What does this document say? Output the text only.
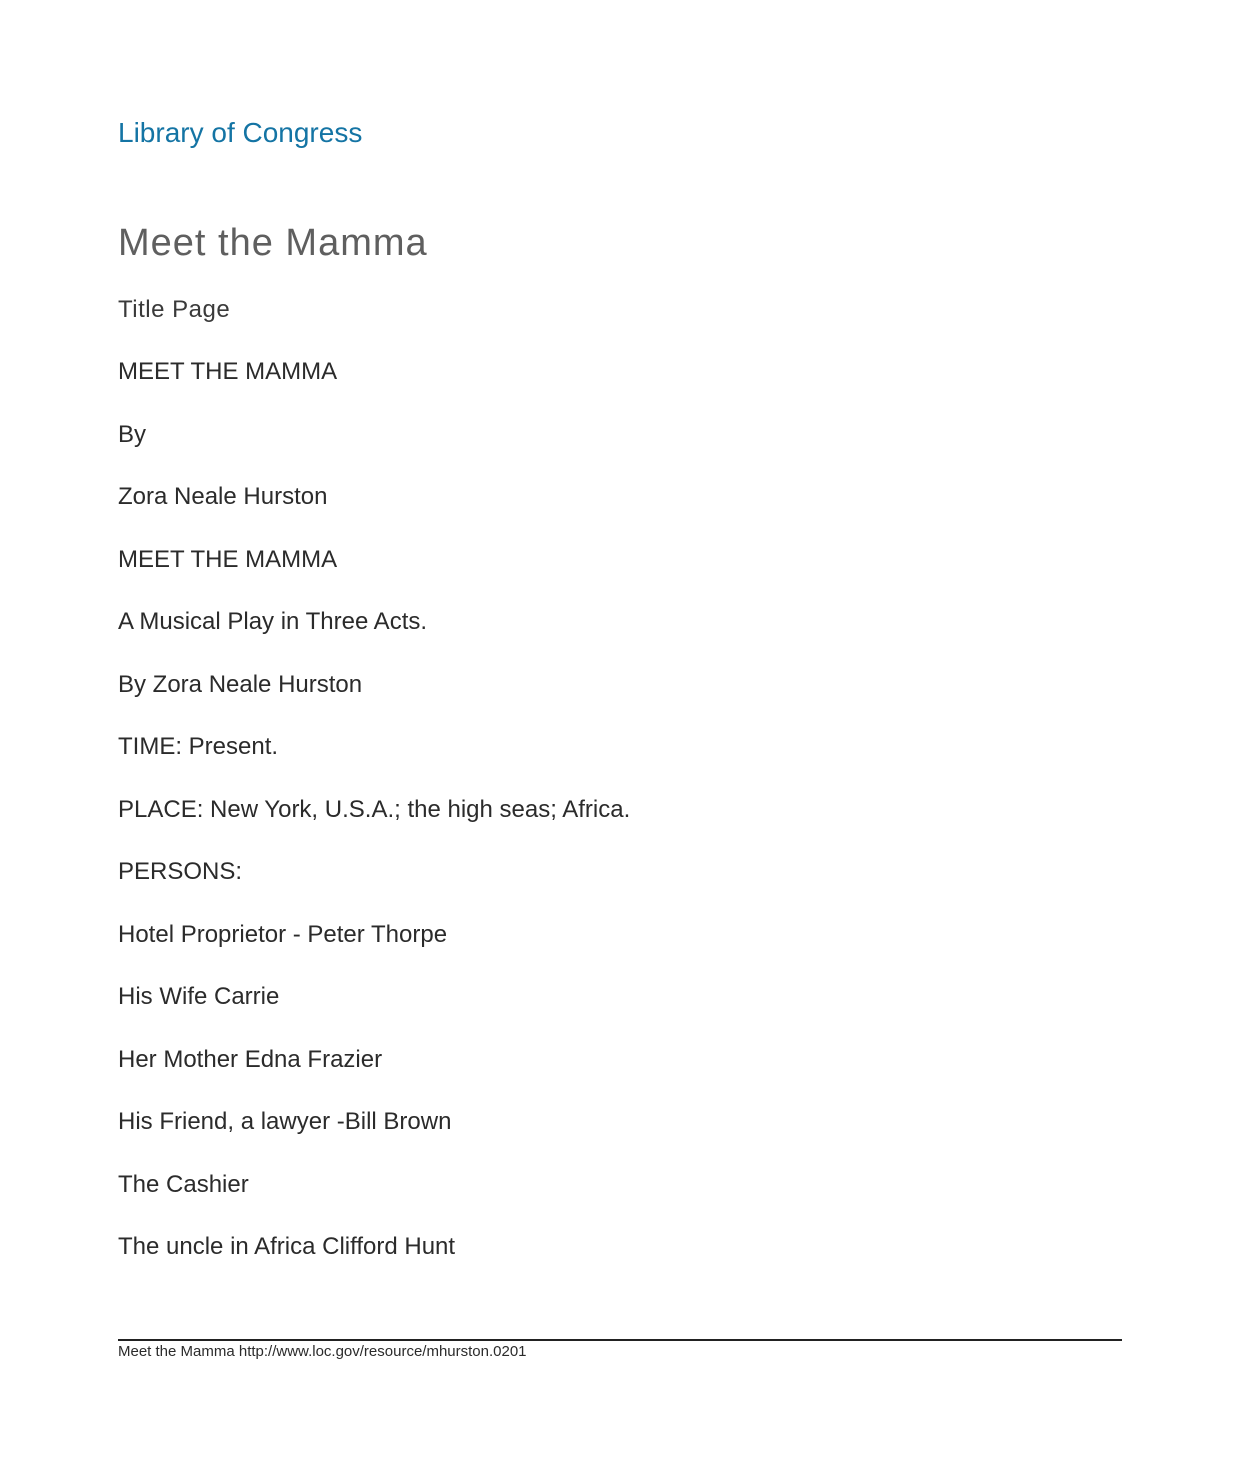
Library of Congress
Meet the Mamma
Title Page
MEET THE MAMMA
By
Zora Neale Hurston
MEET THE MAMMA
A Musical Play in Three Acts.
By Zora Neale Hurston
TIME: Present.
PLACE: New York, U.S.A.; the high seas; Africa.
PERSONS:
Hotel Proprietor - Peter Thorpe
His Wife Carrie
Her Mother Edna Frazier
His Friend, a lawyer -Bill Brown
The Cashier
The uncle in Africa Clifford Hunt
Meet the Mamma http://www.loc.gov/resource/mhurston.0201
